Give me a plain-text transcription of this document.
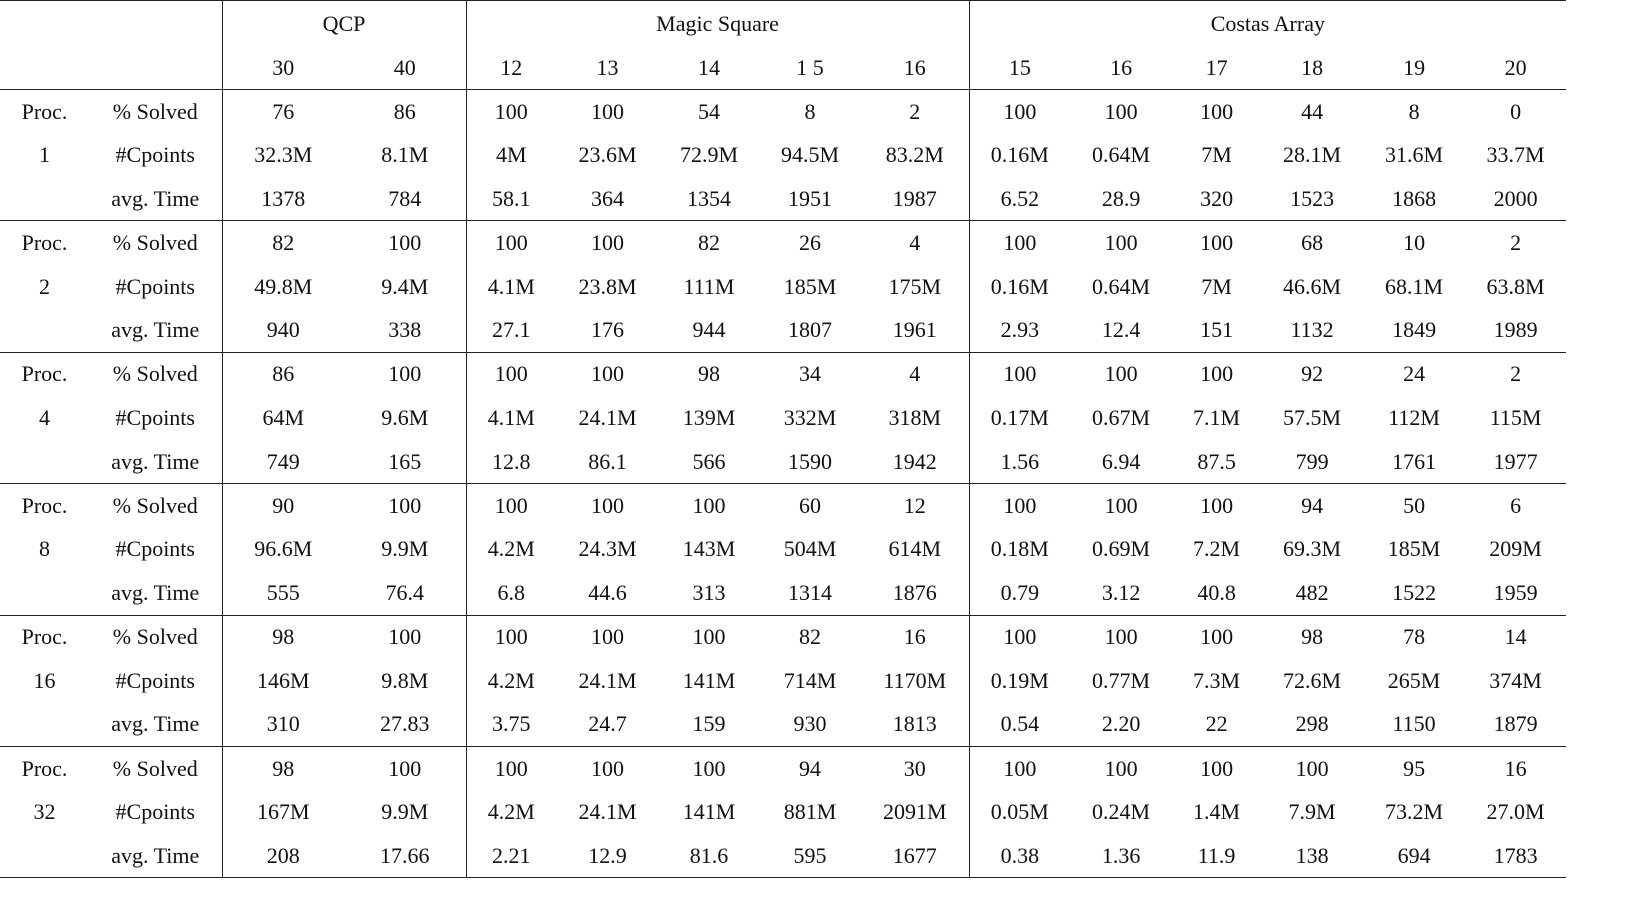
		QCP		Magic Square					Costas Array					
		30	40	12	13	14	1 5	16	15	16	17	18	19	20
Proc.	% Solved	76	86	100	100	54	8	2	100	100	100	44	8	0
1	#Cpoints	32.3M	8.1M	4M	23.6M	72.9M	94.5M	83.2M	0.16M	0.64M	7M	28.1M	31.6M	33.7M
	avg. Time	1378	784	58.1	364	1354	1951	1987	6.52	28.9	320	1523	1868	2000
Proc.	% Solved	82	100	100	100	82	26	4	100	100	100	68	10	2
2	#Cpoints	49.8M	9.4M	4.1M	23.8M	111M	185M	175M	0.16M	0.64M	7M	46.6M	68.1M	63.8M
	avg. Time	940	338	27.1	176	944	1807	1961	2.93	12.4	151	1132	1849	1989
Proc.	% Solved	86	100	100	100	98	34	4	100	100	100	92	24	2
4	#Cpoints	64M	9.6M	4.1M	24.1M	139M	332M	318M	0.17M	0.67M	7.1M	57.5M	112M	115M
	avg. Time	749	165	12.8	86.1	566	1590	1942	1.56	6.94	87.5	799	1761	1977
Proc.	% Solved	90	100	100	100	100	60	12	100	100	100	94	50	6
8	#Cpoints	96.6M	9.9M	4.2M	24.3M	143M	504M	614M	0.18M	0.69M	7.2M	69.3M	185M	209M
	avg. Time	555	76.4	6.8	44.6	313	1314	1876	0.79	3.12	40.8	482	1522	1959
Proc.	% Solved	98	100	100	100	100	82	16	100	100	100	98	78	14
16	#Cpoints	146M	9.8M	4.2M	24.1M	141M	714M	1170M	0.19M	0.77M	7.3M	72.6M	265M	374M
	avg. Time	310	27.83	3.75	24.7	159	930	1813	0.54	2.20	22	298	1150	1879
Proc.	% Solved	98	100	100	100	100	94	30	100	100	100	100	95	16
32	#Cpoints	167M	9.9M	4.2M	24.1M	141M	881M	2091M	0.05M	0.24M	1.4M	7.9M	73.2M	27.0M
	avg. Time	208	17.66	2.21	12.9	81.6	595	1677	0.38	1.36	11.9	138	694	1783
